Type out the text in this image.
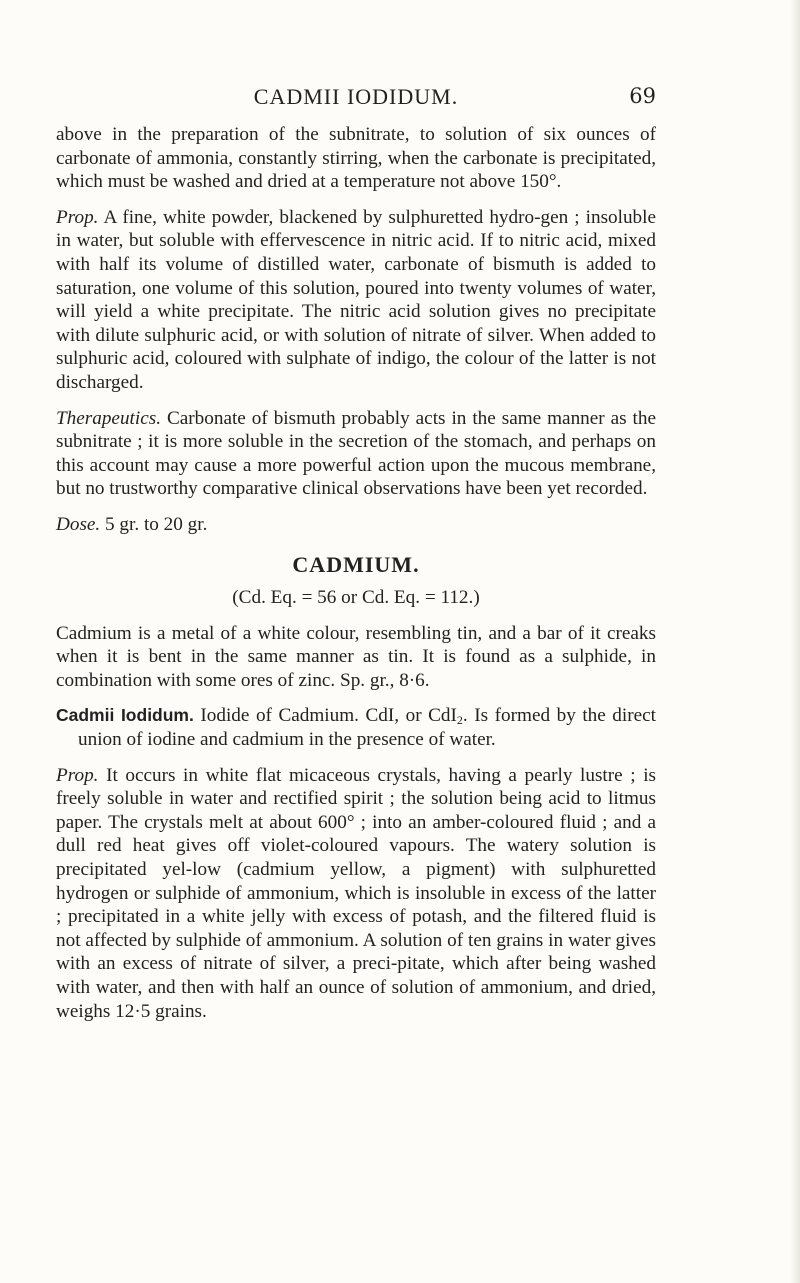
CADMII IODIDUM.	69

above in the preparation of the subnitrate, to solution of six ounces of carbonate of ammonia, constantly stirring, when the carbonate is precipitated, which must be washed and dried at a temperature not above 150°.

Prop. A fine, white powder, blackened by sulphuretted hydro-gen ; insoluble in water, but soluble with effervescence in nitric acid. If to nitric acid, mixed with half its volume of distilled water, carbonate of bismuth is added to saturation, one volume of this solution, poured into twenty volumes of water, will yield a white precipitate. The nitric acid solution gives no precipitate with dilute sulphuric acid, or with solution of nitrate of silver. When added to sulphuric acid, coloured with sulphate of indigo, the colour of the latter is not discharged.

Therapeutics. Carbonate of bismuth probably acts in the same manner as the subnitrate ; it is more soluble in the secretion of the stomach, and perhaps on this account may cause a more powerful action upon the mucous membrane, but no trustworthy comparative clinical observations have been yet recorded.

Dose. 5 gr. to 20 gr.

CADMIUM.
(Cd. Eq. = 56 or Cd. Eq. = 112.)

Cadmium is a metal of a white colour, resembling tin, and a bar of it creaks when it is bent in the same manner as tin. It is found as a sulphide, in combination with some ores of zinc. Sp. gr., 8·6.

Cadmii Iodidum. Iodide of Cadmium. CdI, or CdI$_2$. Is formed by the direct union of iodine and cadmium in the presence of water.

Prop. It occurs in white flat micaceous crystals, having a pearly lustre ; is freely soluble in water and rectified spirit ; the solution being acid to litmus paper. The crystals melt at about 600° ; into an amber-coloured fluid ; and a dull red heat gives off violet-coloured vapours. The watery solution is precipitated yel-low (cadmium yellow, a pigment) with sulphuretted hydrogen or sulphide of ammonium, which is insoluble in excess of the latter ; precipitated in a white jelly with excess of potash, and the filtered fluid is not affected by sulphide of ammonium. A solution of ten grains in water gives with an excess of nitrate of silver, a preci-pitate, which after being washed with water, and then with half an ounce of solution of ammonium, and dried, weighs 12·5 grains.
